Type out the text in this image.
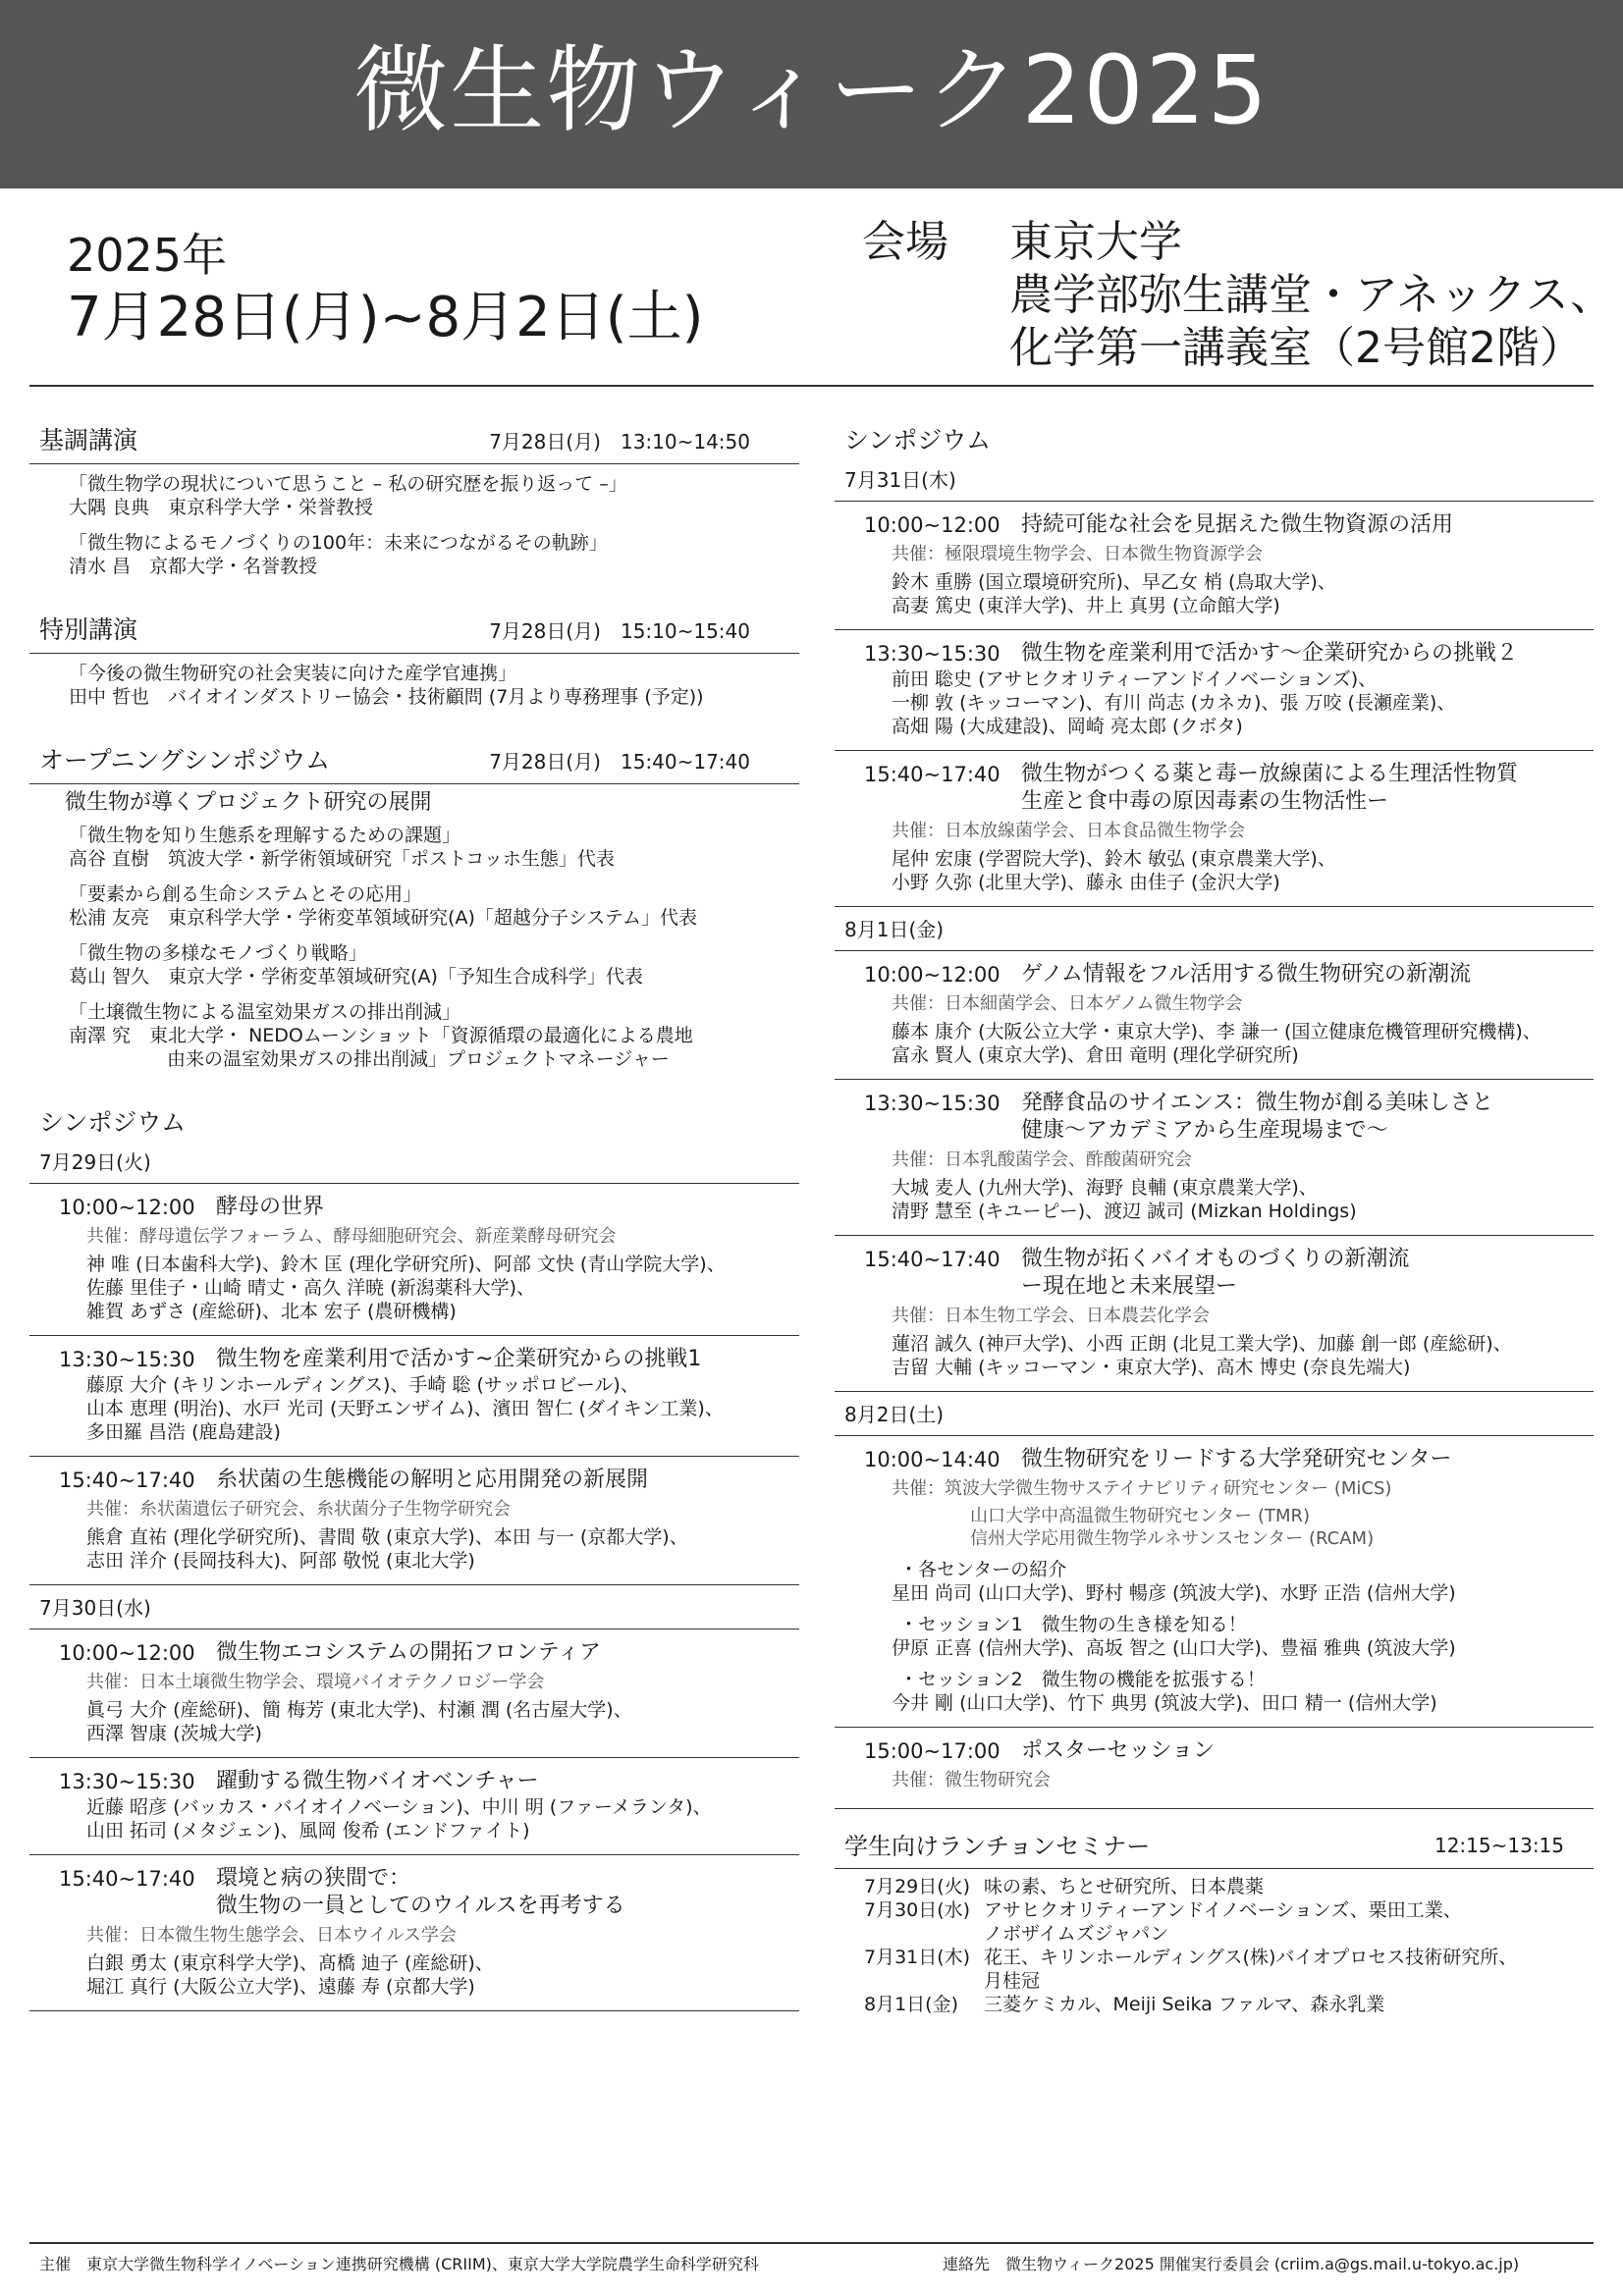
微生物ウィーク2025
2025年
7月28日(月)~8月2日(土)
会場 東京大学
農学部弥生講堂・アネックス、
化学第一講義室（2号館2階）
基調講演	7月28日(月)　13:10~14:50
「微生物学の現状について思うこと – 私の研究歴を振り返って –」
大隅 良典　東京科学大学・栄誉教授
「微生物によるモノづくりの100年：未来につながるその軌跡」
清水 昌　京都大学・名誉教授
特別講演	7月28日(月)　15:10~15:40
「今後の微生物研究の社会実装に向けた産学官連携」
田中 哲也　バイオインダストリー協会・技術顧問 (7月より専務理事 (予定))
オープニングシンポジウム	7月28日(月)　15:40~17:40
微生物が導くプロジェクト研究の展開
「微生物を知り生態系を理解するための課題」
高谷 直樹　筑波大学・新学術領域研究「ポストコッホ生態」代表
「要素から創る生命システムとその応用」
松浦 友亮　東京科学大学・学術変革領域研究(A)「超越分子システム」代表
「微生物の多様なモノづくり戦略」
葛山 智久　東京大学・学術変革領域研究(A)「予知生合成科学」代表
「土壌微生物による温室効果ガスの排出削減」
南澤 究　東北大学・ NEDOムーンショット「資源循環の最適化による農地
由来の温室効果ガスの排出削減」プロジェクトマネージャー
シンポジウム
7月29日(火)
10:00~12:00 酵母の世界
共催：酵母遺伝学フォーラム、酵母細胞研究会、新産業酵母研究会
神 唯 (日本歯科大学)、鈴木 匡 (理化学研究所)、阿部 文快 (青山学院大学)、
佐藤 里佳子・山崎 晴丈・高久 洋暁 (新潟薬科大学)、
雑賀 あずさ (産総研)、北本 宏子 (農研機構)
13:30~15:30 微生物を産業利用で活かす~企業研究からの挑戦1
藤原 大介 (キリンホールディングス)、手崎 聡 (サッポロビール)、
山本 恵理 (明治)、水戸 光司 (天野エンザイム)、濱田 智仁 (ダイキン工業)、
多田羅 昌浩 (鹿島建設)
15:40~17:40 糸状菌の生態機能の解明と応用開発の新展開
共催：糸状菌遺伝子研究会、糸状菌分子生物学研究会
熊倉 直祐 (理化学研究所)、書間 敬 (東京大学)、本田 与一 (京都大学)、
志田 洋介 (長岡技科大)、阿部 敬悦 (東北大学)
7月30日(水)
10:00~12:00 微生物エコシステムの開拓フロンティア
共催：日本土壌微生物学会、環境バイオテクノロジー学会
眞弓 大介 (産総研)、簡 梅芳 (東北大学)、村瀬 潤 (名古屋大学)、
西澤 智康 (茨城大学)
13:30~15:30 躍動する微生物バイオベンチャー
近藤 昭彦 (バッカス・バイオイノベーション)、中川 明 (ファーメランタ)、
山田 拓司 (メタジェン)、風岡 俊希 (エンドファイト)
15:40~17:40 環境と病の狭間で：
微生物の一員としてのウイルスを再考する
共催：日本微生物生態学会、日本ウイルス学会
白銀 勇太 (東京科学大学)、髙橋 迪子 (産総研)、
堀江 真行 (大阪公立大学)、遠藤 寿 (京都大学)
シンポジウム
7月31日(木)
10:00~12:00 持続可能な社会を見据えた微生物資源の活用
共催：極限環境生物学会、日本微生物資源学会
鈴木 重勝 (国立環境研究所)、早乙女 梢 (鳥取大学)、
高妻 篤史 (東洋大学)、井上 真男 (立命館大学)
13:30~15:30 微生物を産業利用で活かす～企業研究からの挑戦２
前田 聡史 (アサヒクオリティーアンドイノベーションズ)、
一柳 敦 (キッコーマン)、有川 尚志 (カネカ)、張 万咬 (長瀬産業)、
高畑 陽 (大成建設)、岡崎 亮太郎 (クボタ)
15:40~17:40 微生物がつくる薬と毒ー放線菌による生理活性物質
生産と食中毒の原因毒素の生物活性ー
共催：日本放線菌学会、日本食品微生物学会
尾仲 宏康 (学習院大学)、鈴木 敏弘 (東京農業大学)、
小野 久弥 (北里大学)、藤永 由佳子 (金沢大学)
8月1日(金)
10:00~12:00 ゲノム情報をフル活用する微生物研究の新潮流
共催：日本細菌学会、日本ゲノム微生物学会
藤本 康介 (大阪公立大学・東京大学)、李 謙一 (国立健康危機管理研究機構)、
富永 賢人 (東京大学)、倉田 竜明 (理化学研究所)
13:30~15:30 発酵食品のサイエンス：微生物が創る美味しさと
健康～アカデミアから生産現場まで～
共催：日本乳酸菌学会、酢酸菌研究会
大城 麦人 (九州大学)、海野 良輔 (東京農業大学)、
清野 慧至 (キユーピー)、渡辺 誠司 (Mizkan Holdings)
15:40~17:40 微生物が拓くバイオものづくりの新潮流
ー現在地と未来展望ー
共催：日本生物工学会、日本農芸化学会
蓮沼 誠久 (神戸大学)、小西 正朗 (北見工業大学)、加藤 創一郎 (産総研)、
吉留 大輔 (キッコーマン・東京大学)、高木 博史 (奈良先端大)
8月2日(土)
10:00~14:40 微生物研究をリードする大学発研究センター
共催：筑波大学微生物サステイナビリティ研究センター (MiCS)
山口大学中高温微生物研究センター (TMR)
信州大学応用微生物学ルネサンスセンター (RCAM)
・各センターの紹介
星田 尚司 (山口大学)、野村 暢彦 (筑波大学)、水野 正浩 (信州大学)
・セッション1　微生物の生き様を知る！
伊原 正喜 (信州大学)、高坂 智之 (山口大学)、豊福 雅典 (筑波大学)
・セッション2　微生物の機能を拡張する！
今井 剛 (山口大学)、竹下 典男 (筑波大学)、田口 精一 (信州大学)
15:00~17:00 ポスターセッション
共催：微生物研究会
学生向けランチョンセミナー	12:15~13:15
7月29日(火) 味の素、ちとせ研究所、日本農薬
7月30日(水) アサヒクオリティーアンドイノベーションズ、栗田工業、
ノボザイムズジャパン
7月31日(木) 花王、キリンホールディングス(株)バイオプロセス技術研究所、
月桂冠
8月1日(金)	三菱ケミカル、Meiji Seika ファルマ、森永乳業
主催　東京大学微生物科学イノベーション連携研究機構 (CRIIM)、東京大学大学院農学生命科学研究科	連絡先　微生物ウィーク2025 開催実行委員会 (criim.a@gs.mail.u-tokyo.ac.jp)
